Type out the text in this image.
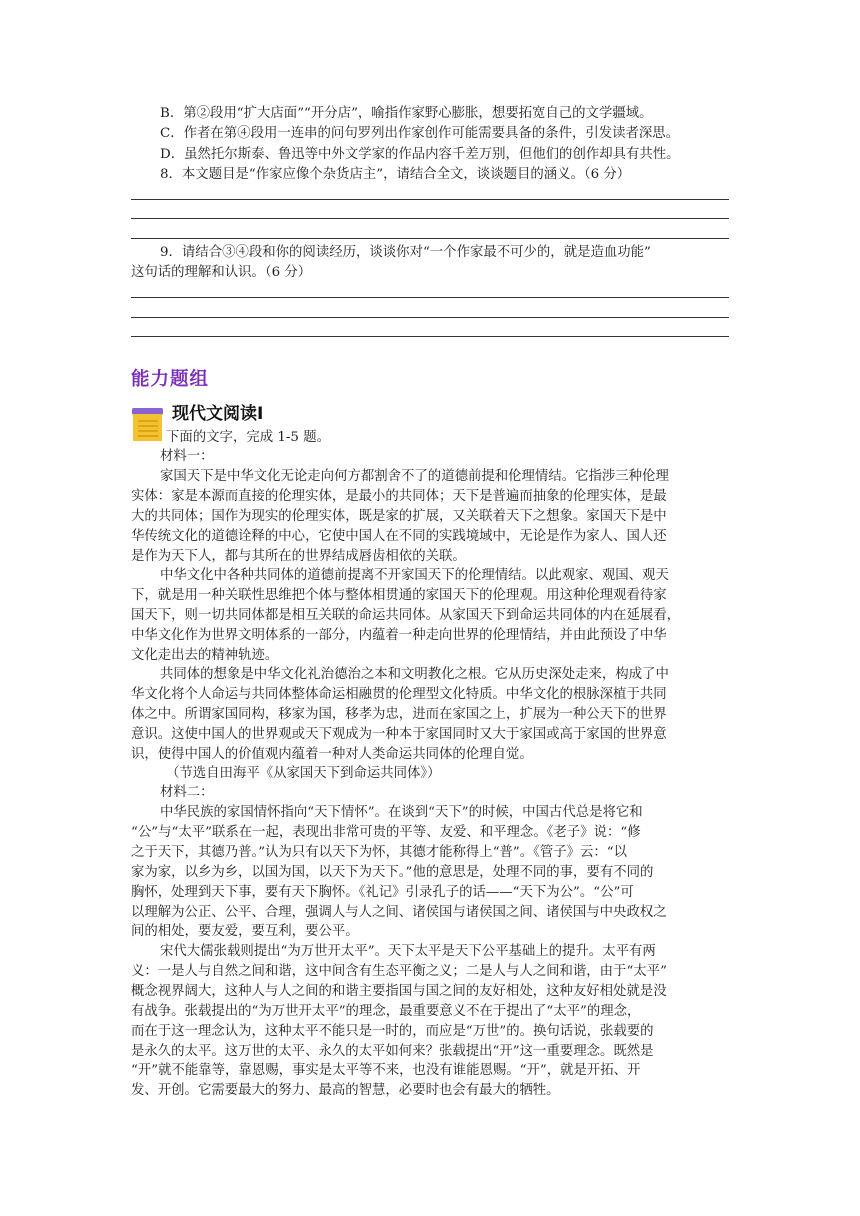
B．第②段用“扩大店面”“开分店”，喻指作家野心膨胀，想要拓宽自己的文学疆域。
C．作者在第④段用一连串的问句罗列出作家创作可能需要具备的条件，引发读者深思。
D．虽然托尔斯泰、鲁迅等中外文学家的作品内容千差万别，但他们的创作却具有共性。
8．本文题目是“作家应像个杂货店主”，请结合全文，谈谈题目的涵义。（6 分）
9．请结合③④段和你的阅读经历，谈谈你对“一个作家最不可少的，就是造血功能”
这句话的理解和认识。（6 分）
能力题组
现代文阅读Ⅰ
下面的文字，完成 1-5 题。
材料一：
家国天下是中华文化无论走向何方都割舍不了的道德前提和伦理情结。它指涉三种伦理
实体：家是本源而直接的伦理实体，是最小的共同体；天下是普遍而抽象的伦理实体，是最
大的共同体；国作为现实的伦理实体，既是家的扩展，又关联着天下之想象。家国天下是中
华传统文化的道德诠释的中心，它使中国人在不同的实践境域中，无论是作为家人、国人还
是作为天下人，都与其所在的世界结成唇齿相依的关联。
中华文化中各种共同体的道德前提离不开家国天下的伦理情结。以此观家、观国、观天
下，就是用一种关联性思维把个体与整体相贯通的家国天下的伦理观。用这种伦理观看待家
国天下，则一切共同体都是相互关联的命运共同体。从家国天下到命运共同体的内在延展看，
中华文化作为世界文明体系的一部分，内蕴着一种走向世界的伦理情结，并由此预设了中华
文化走出去的精神轨迹。
共同体的想象是中华文化礼治德治之本和文明教化之根。它从历史深处走来，构成了中
华文化将个人命运与共同体整体命运相融贯的伦理型文化特质。中华文化的根脉深植于共同
体之中。所谓家国同构，移家为国，移孝为忠，进而在家国之上，扩展为一种公天下的世界
意识。这使中国人的世界观或天下观成为一种本于家国同时又大于家国或高于家国的世界意
识，使得中国人的价值观内蕴着一种对人类命运共同体的伦理自觉。
（节选自田海平《从家国天下到命运共同体》）
材料二：
中华民族的家国情怀指向“天下情怀”。在谈到“天下”的时候，中国古代总是将它和
“公”与“太平”联系在一起，表现出非常可贵的平等、友爱、和平理念。《老子》说：“修
之于天下，其德乃普。”认为只有以天下为怀，其德才能称得上“普”。《管子》云：“以
家为家，以乡为乡，以国为国，以天下为天下。”他的意思是，处理不同的事，要有不同的
胸怀，处理到天下事，要有天下胸怀。《礼记》引录孔子的话——“天下为公”。“公”可
以理解为公正、公平、合理，强调人与人之间、诸侯国与诸侯国之间、诸侯国与中央政权之
间的相处，要友爱，要互利，要公平。
宋代大儒张载则提出“为万世开太平”。天下太平是天下公平基础上的提升。太平有两
义：一是人与自然之间和谐，这中间含有生态平衡之义；二是人与人之间和谐，由于“太平”
概念视界阔大，这种人与人之间的和谐主要指国与国之间的友好相处，这种友好相处就是没
有战争。张载提出的“为万世开太平”的理念，最重要意义不在于提出了“太平”的理念，
而在于这一理念认为，这种太平不能只是一时的，而应是“万世”的。换句话说，张载要的
是永久的太平。这万世的太平、永久的太平如何来？张载提出“开”这一重要理念。既然是
“开”就不能靠等，靠恩赐，事实是太平等不来，也没有谁能恩赐。“开”，就是开拓、开
发、开创。它需要最大的努力、最高的智慧，必要时也会有最大的牺牲。
